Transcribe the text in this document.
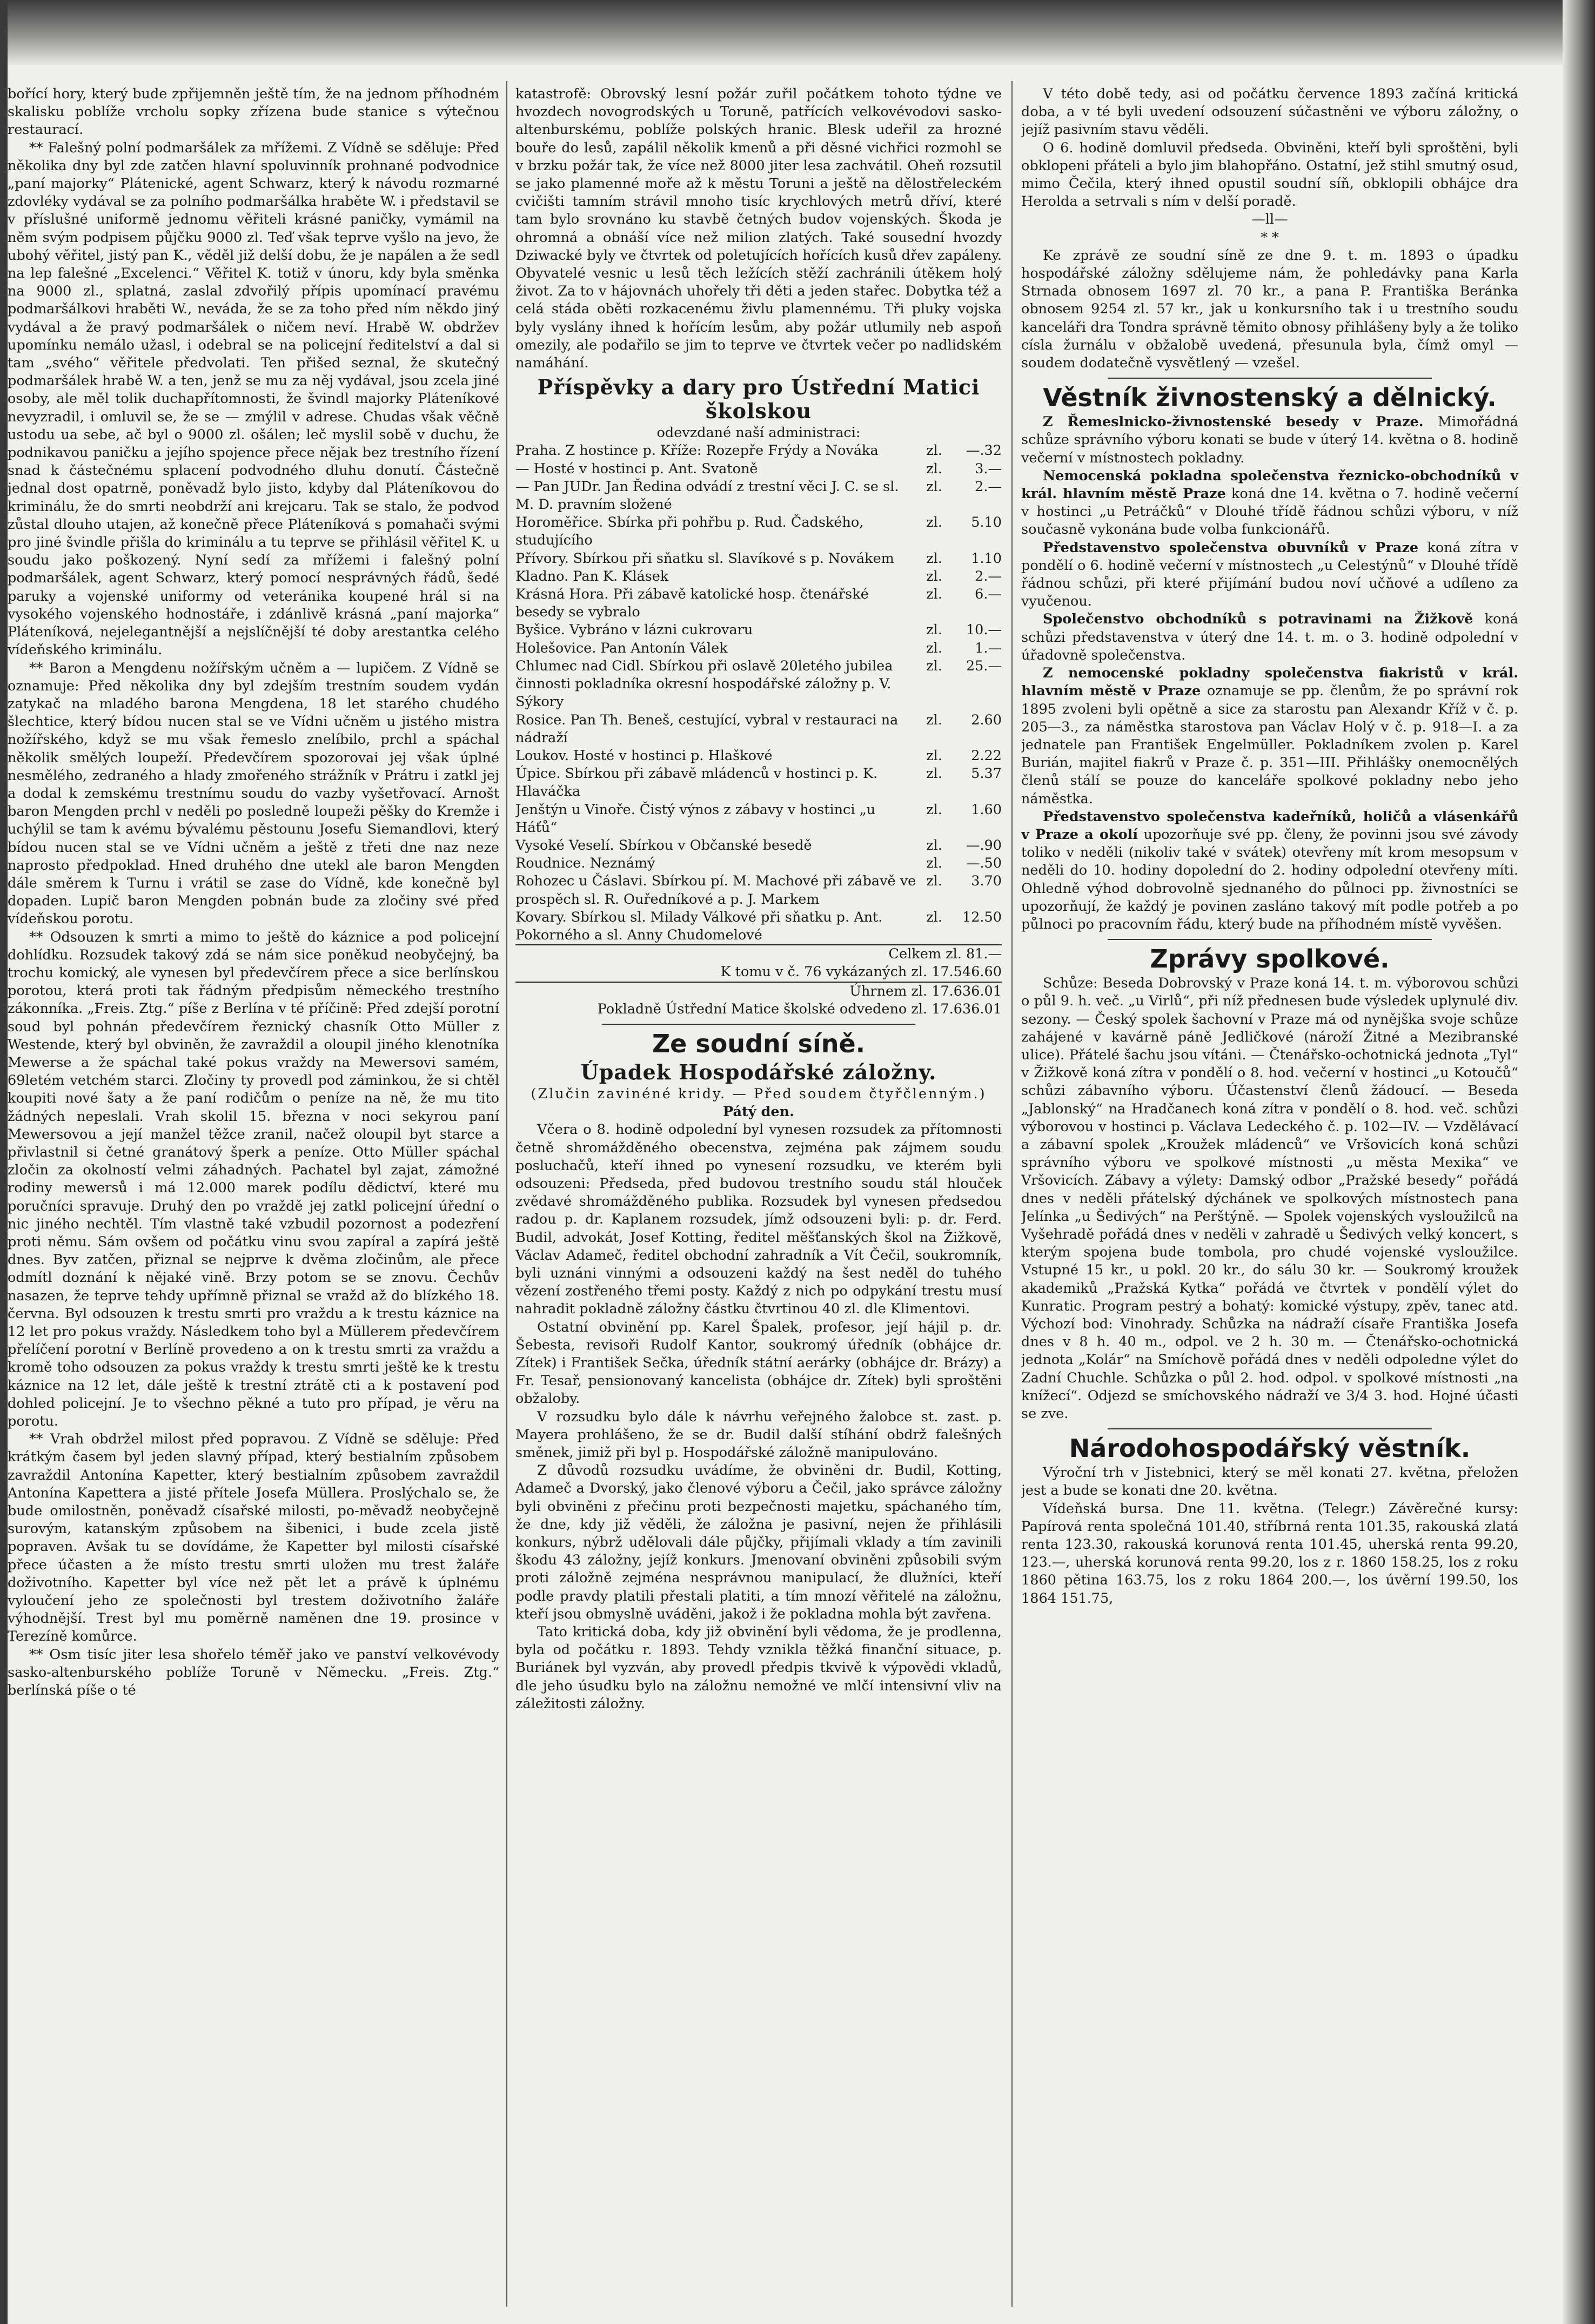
bořící hory, který bude zpřijemněn ještě tím, že na jednom příhodném skalisku poblíže vrcholu sopky zřízena bude stanice s výtečnou restaurací.

** Falešný polní podmaršálek za mřížemi. Z Vídně se sděluje: Před několika dny byl zde zatčen hlavní spoluvinník prohnané podvodnice „paní majorky“ Plátenické, agent Schwarz, který k návodu rozmarné zdovléky vydával se za polního podmaršálka hraběte W. i představil se v příslušné uniformě jednomu věřiteli krásné paničky, vymámil na něm svým podpisem půjčku 9000 zl. Teď však teprve vyšlo na jevo, že ubohý věřitel, jistý pan K., věděl již delší dobu, že je napálen a že sedl na lep falešné „Excelenci.“ Věřitel K. totiž v únoru, kdy byla směnka na 9000 zl., splatná, zaslal zdvořilý přípis upomínací pravému podmaršálkovi hraběti W., neváda, že se za toho před ním někdo jiný vydával a že pravý podmaršálek o ničem neví. Hrabě W. obdržev upomínku nemálo užasl, i odebral se na policejní ředitelství a dal si tam „svého“ věřitele předvolati. Ten přišed seznal, že skutečný podmaršálek hrabě W. a ten, jenž se mu za něj vydával, jsou zcela jiné osoby, ale měl tolik duchapřítomnosti, že švindl majorky Pláteníkové nevyzradil, i omluvil se, že se — zmýlil v adrese. Chudas však věčně ustodu ua sebe, ač byl o 9000 zl. ošálen; leč myslil sobě v duchu, že podnikavou paničku a jejího spojence přece nějak bez trestního řízení snad k částečnému splacení podvodného dluhu donutí. Částečně jednal dost opatrně, poněvadž bylo jisto, kdyby dal Pláteníkovou do kriminálu, že do smrti neobdrží ani krejcaru. Tak se stalo, že podvod zůstal dlouho utajen, až konečně přece Pláteníková s pomahači svými pro jiné švindle přišla do kriminálu a tu teprve se přihlásil věřitel K. u soudu jako poškozený. Nyní sedí za mřížemi i falešný polní podmaršálek, agent Schwarz, který pomocí nesprávných řádů, šedé paruky a vojenské uniformy od veteránika koupené hrál si na vysokého vojenského hodnostáře, i zdánlivě krásná „paní majorka“ Pláteníková, nejelegantnější a nejslíčnější té doby arestantka celého vídeňského kriminálu.

** Baron a Mengdenu nožířským učněm a — lupičem. Z Vídně se oznamuje: Před několika dny byl zdejším trestním soudem vydán zatykač na mladého barona Mengdena, 18 let starého chudého šlechtice, který bídou nucen stal se ve Vídni učněm u jistého mistra nožířského, když se mu však řemeslo znelíbilo, prchl a spáchal několik smělých loupeží. Předevčírem spozorovai jej však úplné nesmělého, zedraného a hlady zmořeného strážník v Prátru i zatkl jej a dodal k zemskému trestnímu soudu do vazby vyšetřovací. Arnošt baron Mengden prchl v neděli po posledně loupeži pěšky do Kremže i uchýlil se tam k avému bývalému pěstounu Josefu Siemandlovi, který bídou nucen stal se ve Vídni učněm a ještě z třeti dne naz neze naprosto předpoklad. Hned druhého dne utekl ale baron Mengden dále směrem k Turnu i vrátil se zase do Vídně, kde konečně byl dopaden. Lupič baron Mengden pobnán bude za zločiny své před vídeňskou porotu.

** Odsouzen k smrti a mimo to ještě do káznice a pod policejní dohlídku. Rozsudek takový zdá se nám sice poněkud neobyčejný, ba trochu komický, ale vynesen byl předevčírem přece a sice berlínskou porotou, která proti tak řádným předpisům německého trestního zákonníka. „Freis. Ztg.“ píše z Berlína v té příčině: Před zdejší porotní soud byl pohnán předevčírem řeznický chasník Otto Müller z Westende, který byl obviněn, že zavraždil a oloupil jiného klenotníka Mewerse a že spáchal také pokus vraždy na Mewersovi samém, 69letém vetchém starci. Zločiny ty provedl pod záminkou, že si chtěl koupiti nové šaty a že paní rodičům o peníze na ně, že mu tito žádných nepeslali. Vrah skolil 15. března v noci sekyrou paní Mewersovou a její manžel těžce zranil, načež oloupil byt starce a přivlastnil si četné granátový šperk a peníze. Otto Müller spáchal zločin za okolností velmi záhadných. Pachatel byl zajat, zámožné rodiny mewersů i má 12.000 marek podílu dědictví, které mu poručníci spravuje. Druhý den po vraždě jej zatkl policejní úřední o nic jiného nechtěl. Tím vlastně také vzbudil pozornost a podezření proti němu. Sám ovšem od počátku vinu svou zapíral a zapírá ještě dnes. Byv zatčen, přiznal se nejprve k dvěma zločinům, ale přece odmítl doznání k nějaké vině. Brzy potom se se znovu. Čechův nasazen, že teprve tehdy upřímně přiznal se vražd až do blízkého 18. června. Byl odsouzen k trestu smrti pro vraždu a k trestu káznice na 12 let pro pokus vraždy. Následkem toho byl a Müllerem předevčírem přelíčení porotní v Berlíně provedeno a on k trestu smrti za vraždu a kromě toho odsouzen za pokus vraždy k trestu smrti ještě ke k trestu káznice na 12 let, dále ještě k trestní ztrátě cti a k postavení pod dohled policejní. Je to všechno pěkné a tuto pro případ, je věru na porotu.

** Vrah obdržel milost před popravou. Z Vídně se sděluje: Před krátkým časem byl jeden slavný případ, který bestialním způsobem zavraždil Antonína Kapetter, který bestialním způsobem zavraždil Antonína Kapettera a jisté přítele Josefa Müllera. Proslýchalo se, že bude omilostněn, poněvadž císařské milosti, po-měvadž neobyčejně surovým, katanským způsobem na šibenici, i bude zcela jistě popraven. Avšak tu se dovídáme, že Kapetter byl milosti císařské přece účasten a že místo trestu smrti uložen mu trest žaláře doživotního. Kapetter byl více než pět let a právě k úplnému vyloučení jeho ze společnosti byl trestem doživotního žaláře výhodnější. Trest byl mu poměrně naměnen dne 19. prosince v Terezíně komůrce.

** Osm tisíc jiter lesa shořelo téměř jako ve panství velkovévody sasko-altenburského poblíže Toruně v Německu. „Freis. Ztg.“ berlínská píše o té

katastrofě: Obrovský lesní požár zuřil počátkem tohoto týdne ve hvozdech novogrodských u Toruně, patřících velkovévodovi sasko-altenburskému, poblíže polských hranic. Blesk udeřil za hrozné bouře do lesů, zapálil několik kmenů a při děsné vichřici rozmohl se v brzku požár tak, že více než 8000 jiter lesa zachvátil. Oheň rozsutil se jako plamenné moře až k městu Toruni a ještě na dělostřeleckém cvičišti tamním strávil mnoho tisíc krychlových metrů dříví, které tam bylo srovnáno ku stavbě četných budov vojenských. Škoda je ohromná a obnáší více než milion zlatých. Také sousední hvozdy Dziwacké byly ve čtvrtek od poletujících hořících kusů dřev zapáleny. Obyvatelé vesnic u lesů těch ležících stěží zachránili útěkem holý život. Za to v hájovnách uhořely tři děti a jeden stařec. Dobytka též a celá stáda oběti rozkacenému živlu plamennému. Tři pluky vojska byly vyslány ihned k hořícím lesům, aby požár utlumily neb aspoň omezily, ale podařilo se jim to teprve ve čtvrtek večer po nadlidském namáhání.

Příspěvky a dary pro Ústřední Matici školskou

odevzdané naší administraci:

Praha. Z hostince p. Kříže: Rozepře Frýdy a Nováka	zl.	—.32
— Hosté v hostinci p. Ant. Svatoně	zl.	3.—
— Pan JUDr. Jan Ředina odvádí z trestní věci J. C. se sl. M. D. pravním složené
zl.	2.—
Horoměřice. Sbírka při pohřbu p. Rud. Čadského, studujícího
zl.	5.10
Přívory. Sbírkou při sňatku sl. Slavíkové s p. Novákem	zl.	1.10
Kladno. Pan K. Klásek	zl.	2.—
Krásná Hora. Při zábavě katolické hosp. čtenářské besedy se vybralo
zl.	6.—
Byšice. Vybráno v lázni cukrovaru	zl.	10.—
Holešovice. Pan Antonín Válek	zl.	1.—
Chlumec nad Cidl. Sbírkou při oslavě 20letého jubilea činnosti pokladníka okresní hospodářské záložny p. V. Sýkory
zl.	25.—
Rosice. Pan Th. Beneš, cestující, vybral v restauraci na nádraží
zl.	2.60
Loukov. Hosté v hostinci p. Hlaškové	zl.	2.22
Úpice. Sbírkou při zábavě mládenců v hostinci p. K. Hlaváčka
zl.	5.37
Jenštýn u Vinoře. Čistý výnos z zábavy v hostinci „u Háťů“
zl.	1.60
Vysoké Veselí. Sbírkou v Občanské besedě	zl.	—.90
Roudnice. Neznámý	zl.	—.50
Rohozec u Čáslavi. Sbírkou pí. M. Machové při zábavě ve prospěch sl. R. Ouředníkové a p. J. Markem
zl.	3.70
Kovary. Sbírkou sl. Milady Válkové při sňatku p. Ant. Pokorného a sl. Anny Chudomelové
zl.	12.50
Celkem
zl. 81.—
K tomu v č. 76 vykázaných
zl. 17.546.60
Úhrnem
zl. 17.636.01
Pokladně Ústřední Matice školské odvedeno
zl. 17.636.01
Ze soudní síně.
Úpadek Hospodářské záložny.

(Zlučin zavinéné kridy. — Před soudem čtyřčlenným.)

Pátý den.

Včera o 8. hodině odpolední byl vynesen rozsudek za přítomnosti četně shromážděného obecenstva, zejména pak zájmem soudu posluchačů, kteří ihned po vynesení rozsudku, ve kterém byli odsouzeni: Předseda, před budovou trestního soudu stál hlouček zvědavé shromážděného publika. Rozsudek byl vynesen předsedou radou p. dr. Kaplanem rozsudek, jímž odsouzeni byli: p. dr. Ferd. Budil, advokát, Josef Kotting, ředitel měšťanských škol na Žižkově, Václav Adameč, ředitel obchodní zahradník a Vít Čečil, soukromník, byli uznáni vinnými a odsouzeni každý na šest neděl do tuhého vězení zostřeného třemi posty. Každý z nich po odpykání trestu musí nahradit pokladně záložny částku čtvrtinou 40 zl. dle Klimentovi.

Ostatní obvinění pp. Karel Špalek, profesor, její hájil p. dr. Šebesta, revisoři Rudolf Kantor, soukromý úředník (obhájce dr. Zítek) i František Sečka, úředník státní aerárky (obhájce dr. Brázy) a Fr. Tesař, pensionovaný kancelista (obhájce dr. Zítek) byli sproštěni obžaloby.

V rozsudku bylo dále k návrhu veřejného žalobce st. zast. p. Mayera prohlášeno, že se dr. Budil další stíhání obdrž falešných směnek, jimiž při byl p. Hospodářské záložně manipulováno.

Z důvodů rozsudku uvádíme, že obviněni dr. Budil, Kotting, Adameč a Dvorský, jako členové výboru a Čečil, jako správce záložny byli obviněni z přečinu proti bezpečnosti majetku, spáchaného tím, že dne, kdy již věděli, že záložna je pasivní, nejen že přihlásili konkurs, nýbrž udělovali dále půjčky, přijímali vklady a tím zavinili škodu 43 záložny, jejíž konkurs. Jmenovaní obviněni způsobili svým proti záložně zejména nesprávnou manipulací, že dlužníci, kteří podle pravdy platili přestali platiti, a tím mnozí věřitelé na záložnu, kteří jsou obmyslně uváděni, jakož i že pokladna mohla být zavřena.

Tato kritická doba, kdy již obvinění byli vědoma, že je prodlenna, byla od počátku r. 1893. Tehdy vznikla těžká finanční situace, p. Buriánek byl vyzván, aby provedl předpis tkvivě k výpovědi vkladů, dle jeho úsudku bylo na záložnu nemožné ve mlčí intensivní vliv na záležitosti záložny.

V této době tedy, asi od počátku července 1893 začíná kritická doba, a v té byli uvedení odsouzení súčastněni ve výboru záložny, o jejíž pasivním stavu věděli.

O 6. hodině domluvil předseda. Obviněni, kteří byli sproštěni, byli obklopeni přáteli a bylo jim blahopřáno. Ostatní, jež stihl smutný osud, mimo Čečila, který ihned opustil soudní síň, obklopili obhájce dra Herolda a setrvali s ním v delší poradě.

—ll—

* *

Ke zprávě ze soudní síně ze dne 9. t. m. 1893 o úpadku hospodářské záložny sdělujeme nám, že pohledávky pana Karla Strnada obnosem 1697 zl. 70 kr., a pana P. Františka Beránka obnosem 9254 zl. 57 kr., jak u konkursního tak i u trestního soudu kanceláři dra Tondra správně těmito obnosy přihlášeny byly a že toliko císla žurnálu v obžalobě uvedená, přesunula byla, čímž omyl — soudem dodatečně vysvětlený — vzešel.

Věstník živnostenský a dělnický.

Z Řemeslnicko-živnostenské besedy v Praze. Mimořádná schůze správního výboru konati se bude v úterý 14. května o 8. hodině večerní v místnostech pokladny.

Nemocenská pokladna společenstva řeznicko-obchodníků v král. hlavním městě Praze koná dne 14. května o 7. hodině večerní v hostinci „u Petráčků“ v Dlouhé třídě řádnou schůzi výboru, v níž současně vykonána bude volba funkcionářů.

Představenstvo společenstva obuvníků v Praze koná zítra v pondělí o 6. hodině večerní v místnostech „u Celestýnů“ v Dlouhé třídě řádnou schůzi, při které přijímání budou noví učňové a udíleno za vyučenou.

Společenstvo obchodníků s potravinami na Žižkově koná schůzi představenstva v úterý dne 14. t. m. o 3. hodině odpolední v úřadovně společenstva.

Z nemocenské pokladny společenstva fiakristů v král. hlavním městě v Praze oznamuje se pp. členům, že po správní rok 1895 zvoleni byli opětně a sice za starostu pan Alexandr Kříž v č. p. 205—3., za náměstka starostova pan Václav Holý v č. p. 918—I. a za jednatele pan František Engelmüller. Pokladníkem zvolen p. Karel Burián, majitel fiakrů v Praze č. p. 351—III. Přihlášky onemocnělých členů stálí se pouze do kanceláře spolkové pokladny nebo jeho náměstka.

Představenstvo společenstva kadeřníků, holičů a vlásenkářů v Praze a okolí upozorňuje své pp. členy, že povinni jsou své závody toliko v neděli (nikoliv také v svátek) otevřeny mít krom mesopsum v neděli do 10. hodiny dopolední do 2. hodiny odpolední otevřeny míti. Ohledně výhod dobrovolně sjednaného do půlnoci pp. živnostníci se upozorňují, že každý je povinen zasláno takový mít podle potřeb a po půlnoci po pracovním řádu, který bude na příhodném místě vyvěšen.

Zprávy spolkové.

Schůze: Beseda Dobrovský v Praze koná 14. t. m. výborovou schůzi o půl 9. h. več. „u Virlů“, při níž přednesen bude výsledek uplynulé div. sezony. — Český spolek šachovní v Praze má od nynějška svoje schůze zahájené v kavárně páně Jedličkové (nároží Žitné a Mezibranské ulice). Přátelé šachu jsou vítáni. — Čtenářsko-ochotnická jednota „Tyl“ v Žižkově koná zítra v pondělí o 8. hod. večerní v hostinci „u Kotoučů“ schůzi zábavního výboru. Účastenství členů žádoucí. — Beseda „Jablonský“ na Hradčanech koná zítra v pondělí o 8. hod. več. schůzi výborovou v hostinci p. Václava Ledeckého č. p. 102—IV. — Vzdělávací a zábavní spolek „Kroužek mládenců“ ve Vršovicích koná schůzi správního výboru ve spolkové místnosti „u města Mexika“ ve Vršovicích. Zábavy a výlety: Damský odbor „Pražské besedy“ pořádá dnes v neděli přátelský dýchánek ve spolkových místnostech pana Jelínka „u Šedivých“ na Perštýně. — Spolek vojenských vysloužilců na Vyšehradě pořádá dnes v neděli v zahradě u Šedivých velký koncert, s kterým spojena bude tombola, pro chudé vojenské vysloužilce. Vstupné 15 kr., u pokl. 20 kr., do sálu 30 kr. — Soukromý kroužek akademiků „Pražská Kytka“ pořádá ve čtvrtek v pondělí výlet do Kunratic. Program pestrý a bohatý: komické výstupy, zpěv, tanec atd. Výchozí bod: Vinohrady. Schůzka na nádraží císaře Františka Josefa dnes v 8 h. 40 m., odpol. ve 2 h. 30 m. — Čtenářsko-ochotnická jednota „Kolár“ na Smíchově pořádá dnes v neděli odpoledne výlet do Zadní Chuchle. Schůzka o půl 2. hod. odpol. v spolkové místnosti „na knížecí“. Odjezd se smíchovského nádraží ve 3/4 3. hod. Hojné účasti se zve.

Národohospodářský věstník.

Výroční trh v Jistebnici, který se měl konati 27. května, přeložen jest a bude se konati dne 20. května.

Vídeňská bursa. Dne 11. května. (Telegr.) Závěrečné kursy: Papírová renta společná 101.40, stříbrná renta 101.35, rakouská zlatá renta 123.30, rakouská korunová renta 101.45, uherská renta 99.20, 123.—, uherská korunová renta 99.20, los z r. 1860 158.25, los z roku 1860 pětina 163.75, los z roku 1864 200.—, los úvěrní 199.50, los 1864 151.75,
